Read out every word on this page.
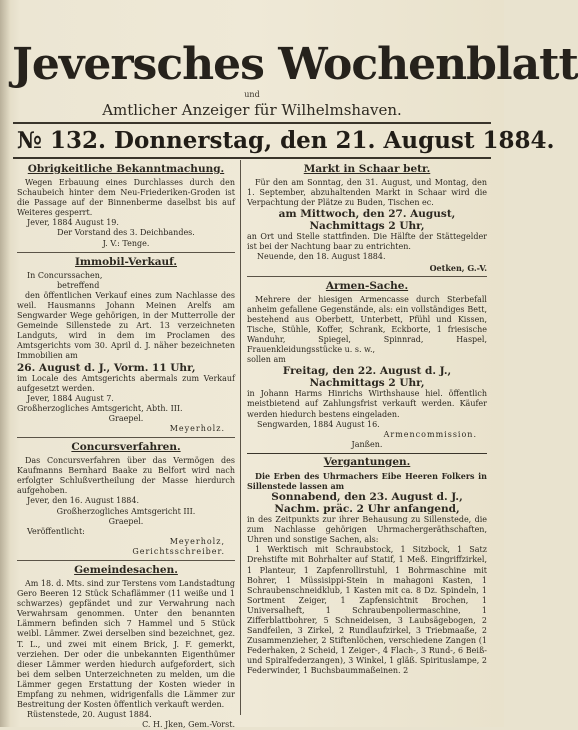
Jeversches Wochenblatt
und
Amtlicher Anzeiger für Wilhelmshaven.
№ 132. Donnerstag, den 21. August 1884.
Obrigkeitliche Bekanntmachung.
Wegen Erbauung eines Durchlasses durch den Schaubeich hinter dem Neu-Friederiken-Groden ist die Passage auf der Binnenberme daselbst bis auf Weiteres gesperrt.
Jever, 1884 August 19.
Der Vorstand des 3. Deichbandes.
J. V.: Tenge.
Immobil-Verkauf.
In Concurssachen,
betreffend
den öffentlichen Verkauf eines zum Nachlasse des weil. Hausmanns Johann Meinen Arelfs am Sengwarder Wege gehörigen, in der Mutterrolle der Gemeinde Sillenstede zu Art. 13 verzeichneten Landguts, wird in dem im Proclamen des Amtsgerichts vom 30. April d. J. näher bezeichneten Immobilien am
26. August d. J., Vorm. 11 Uhr,
im Locale des Amtsgerichts abermals zum Verkauf aufgesetzt werden.
Jever, 1884 August 7.
Großherzogliches Amtsgericht, Abth. III.
Graepel.
Meyerholz.
Concursverfahren.
Das Concursverfahren über das Vermögen des Kaufmanns Bernhard Baake zu Belfort wird nach erfolgter Schlußvertheilung der Masse hierdurch aufgehoben.
Jever, den 16. August 1884.
Großherzogliches Amtsgericht III.
Graepel.
Veröffentlicht:
Meyerholz,
Gerichtsschreiber.
Gemeindesachen.
Am 18. d. Mts. sind zur Terstens vom Landstadtung Gero Beeren 12 Stück Schaflämmer (11 weiße und 1 schwarzes) gepfändet und zur Verwahrung nach Verwahrsam genommen. Unter den benannten Lämmern befinden sich 7 Hammel und 5 Stück weibl. Lämmer. Zwei derselben sind bezeichnet, gez. T. L., und zwei mit einem Brick, J. F. gemerkt, verziehen. Der oder die unbekannten Eigenthümer dieser Lämmer werden hiedurch aufgefordert, sich bei dem selben Unterzeichneten zu melden, um die Lämmer gegen Erstattung der Kosten wieder in Empfang zu nehmen, widrigenfalls die Lämmer zur Bestreitung der Kosten öffentlich verkauft werden.
Rüstenstede, 20. August 1884.
C. H. Jken, Gem.-Vorst.
Markt in Schaar betr.
Für den am Sonntag, den 31. August, und Montag, den 1. September, abzuhaltenden Markt in Schaar wird die Verpachtung der Plätze zu Buden, Tischen ec.
am Mittwoch, den 27. August,
Nachmittags 2 Uhr,
an Ort und Stelle stattfinden. Die Hälfte der Stättegelder ist bei der Nachtung baar zu entrichten.
Neuende, den 18. August 1884.
Oetken, G.-V.
Armen-Sache.
Mehrere der hiesigen Armencasse durch Sterbefall anheim gefallene Gegenstände, als: ein vollständiges Bett, bestehend aus Oberbett, Unterbett, Pfühl und Kissen, Tische, Stühle, Koffer, Schrank, Eckborte, 1 friesische Wanduhr, Spiegel, Spinnrad, Haspel, Frauenkleidungsstücke u. s. w.,
sollen am
Freitag, den 22. August d. J.,
Nachmittags 2 Uhr,
in Johann Harms Hinrichs Wirthshause hiel. öffentlich meistbietend auf Zahlungsfrist verkauft werden. Käufer werden hiedurch bestens eingeladen.
Sengwarden, 1884 August 16.
Armencommission.
Janßen.
Vergantungen.
Die Erben des Uhrmachers Eibe Heeren Folkers in Sillenstede lassen am
Sonnabend, den 23. August d. J.,
Nachm. präc. 2 Uhr anfangend,
in des Zeitpunkts zur ihrer Behausung zu Sillenstede, die zum Nachlasse gehörigen Uhrmachergeräthschaften, Uhren und sonstige Sachen, als:
1 Werktisch mit Schraubstock, 1 Sitzbock, 1 Satz Drehstifte mit Bohrhalter auf Statif, 1 Meß. Eingriffzirkel, 1 Planteur, 1 Zapfenrollirstuhl, 1 Bohrmaschine mit Bohrer, 1 Müssisippi-Stein in mahagoni Kasten, 1 Schraubenschneidklub, 1 Kasten mit ca. 8 Dz. Spindeln, 1 Sortment Zeiger, 1 Zapfensichtnit Brochen, 1 Universalheft, 1 Schraubenpoliermaschine, 1 Zifferblattbohrer, 5 Schneideisen, 3 Laubsägebogen, 2 Sandfeilen, 3 Zirkel, 2 Rundlaufzirkel, 3 Triebmaaße, 2 Zusammenzieher, 2 Stiftenlöchen, verschiedene Zangen (1 Federhaken, 2 Scheid, 1 Zeiger-, 4 Flach-, 3 Rund-, 6 Beiß- und Spiralfederzangen), 3 Winkel, 1 gläß. Spirituslampe, 2 Federwinder, 1 Buchsbaummaßeinen. 2
